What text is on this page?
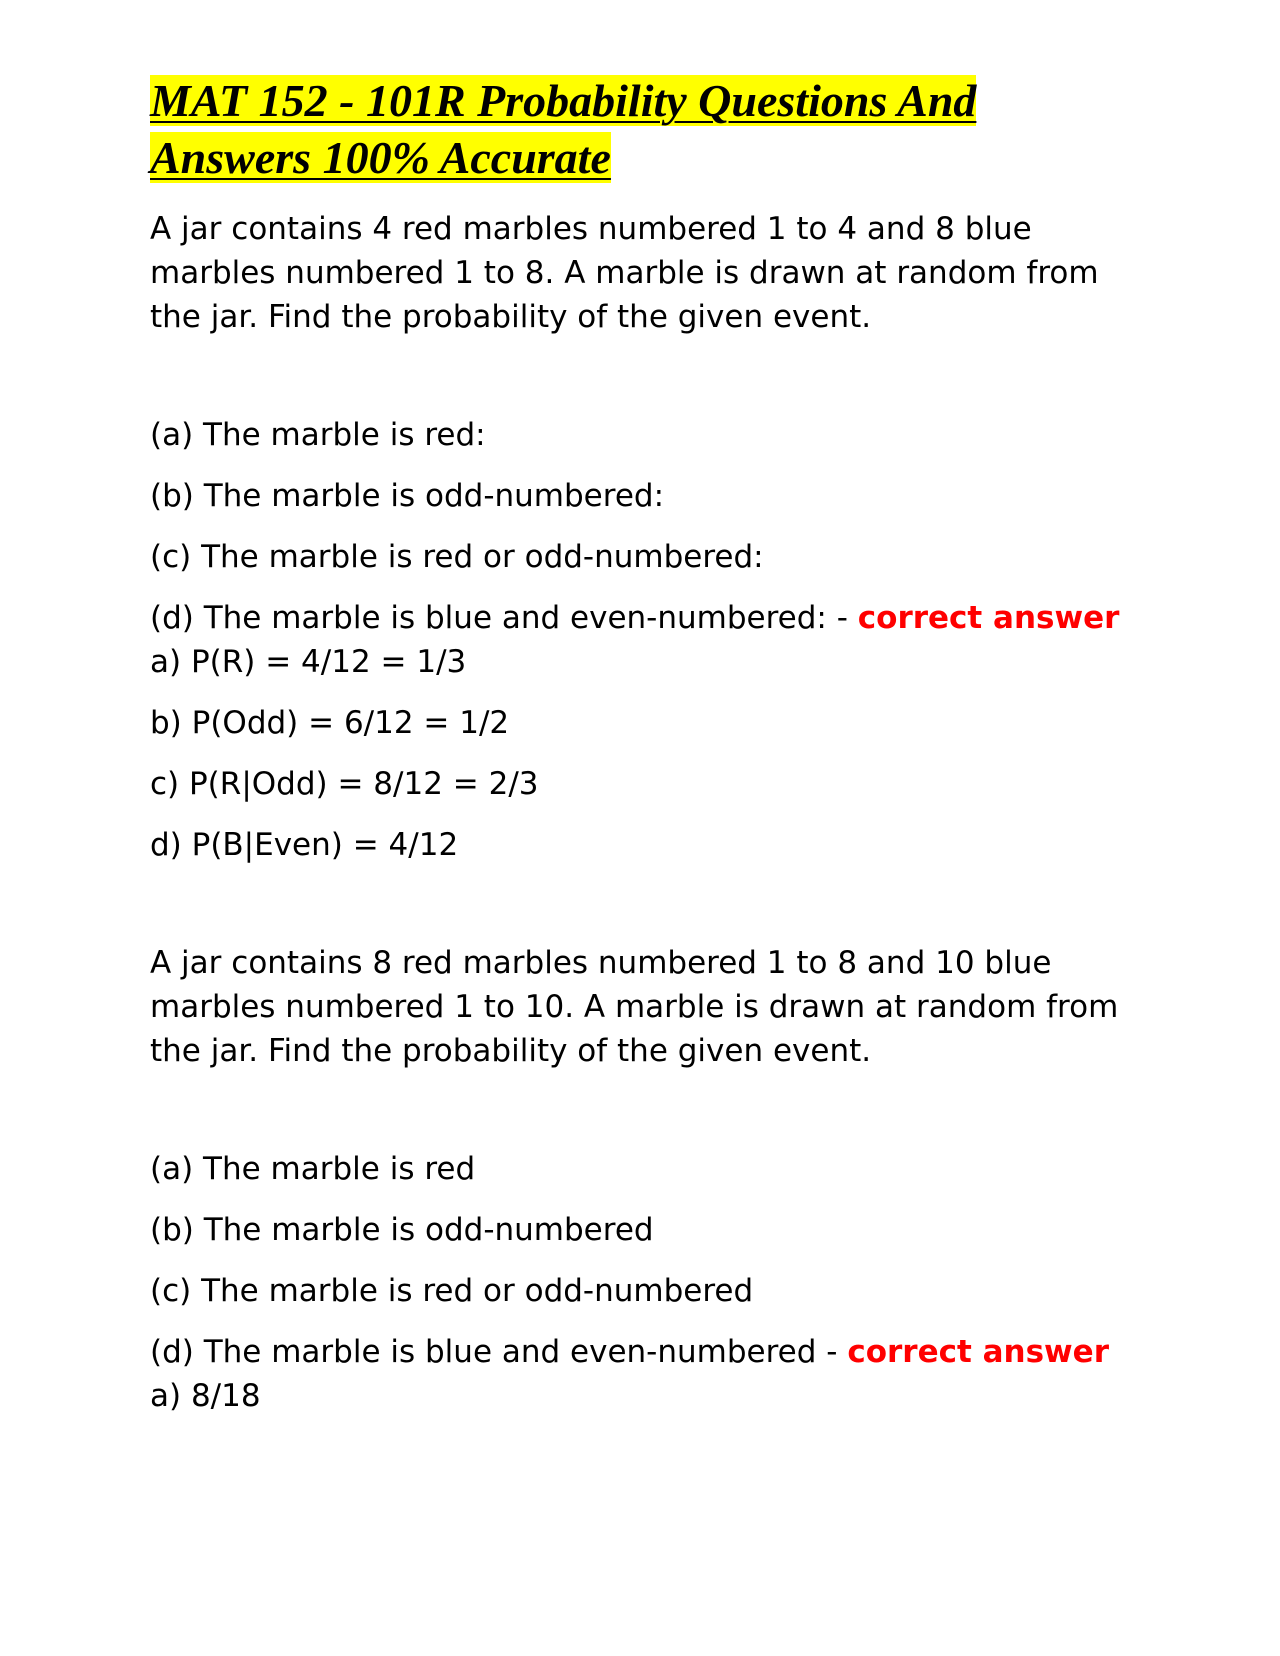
MAT 152 - 101R Probability Questions And
Answers 100% Accurate

A jar contains 4 red marbles numbered 1 to 4 and 8 blue marbles numbered 1 to 8. A marble is drawn at random from the jar. Find the probability of the given event.

(a) The marble is red:

(b) The marble is odd-numbered:

(c) The marble is red or odd-numbered:

(d) The marble is blue and even-numbered: - correct answer a) P(R) = 4/12 = 1/3

b) P(Odd) = 6/12 = 1/2

c) P(R|Odd) = 8/12 = 2/3

d) P(B|Even) = 4/12

A jar contains 8 red marbles numbered 1 to 8 and 10 blue marbles numbered 1 to 10. A marble is drawn at random from the jar. Find the probability of the given event.

(a) The marble is red

(b) The marble is odd-numbered

(c) The marble is red or odd-numbered

(d) The marble is blue and even-numbered - correct answer a) 8/18
